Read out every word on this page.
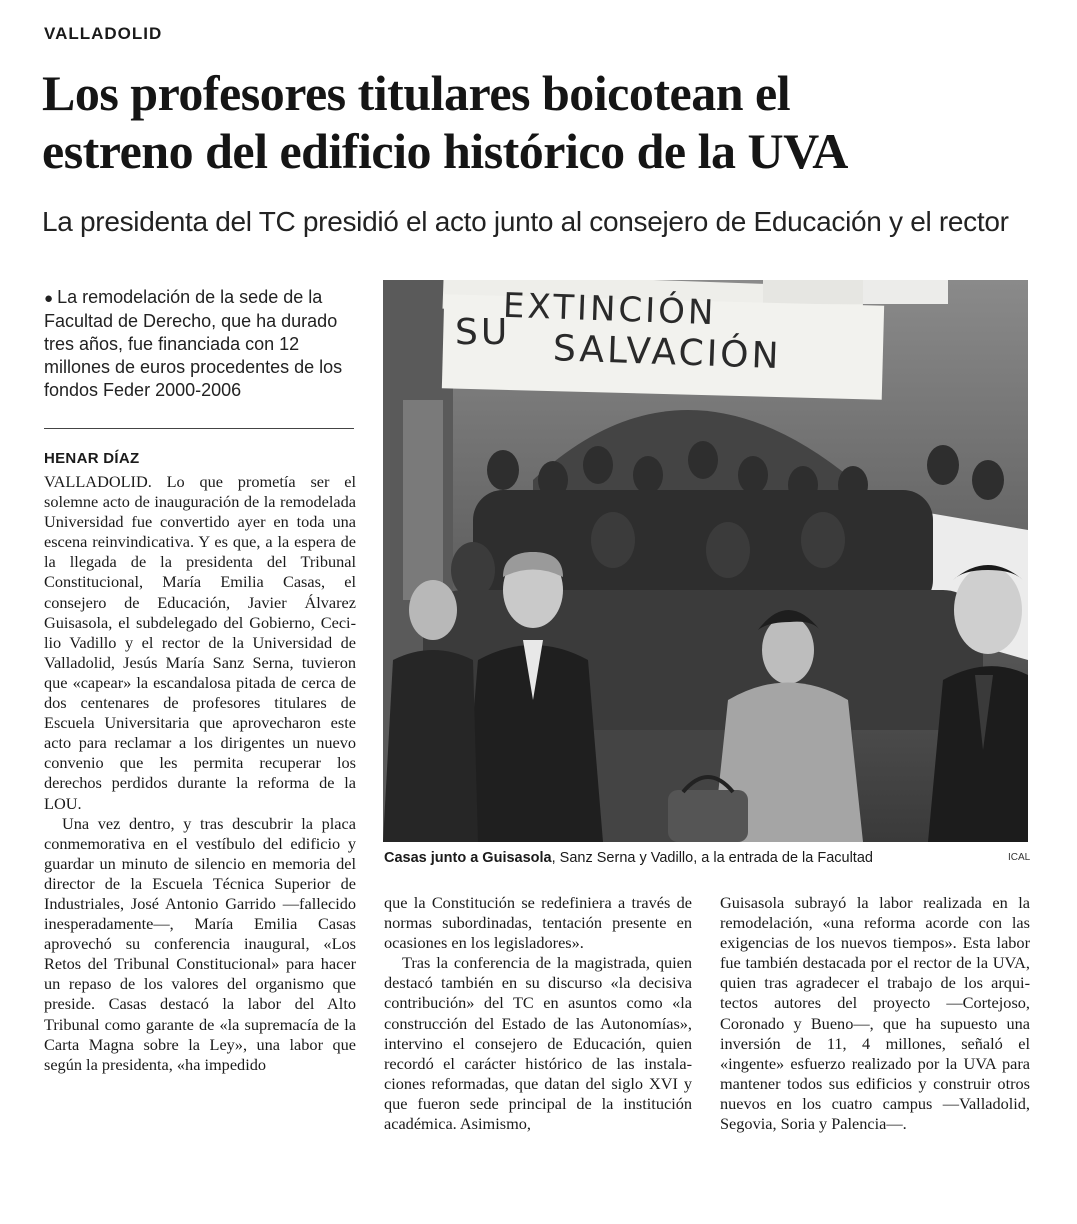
VALLADOLID
Los profesores titulares boicotean el
estreno del edificio histórico de la UVA
La presidenta del TC presidió el acto junto al consejero de Educación y el rector
● La remodelación de la sede de la Facultad de Derecho, que ha durado tres años, fue financiada con 12 millones de euros procedentes de los fondos Feder 2000-2006
HENAR DÍAZ

VALLADOLID. Lo que prometía ser el solemne acto de inauguración de la remodelada Universidad fue convertido ayer en toda una escena reinvindicativa. Y es que, a la espera de la llegada de la presidenta del Tribunal Constitucional, María Emilia Casas, el consejero de Educación, Javier Álvarez Guisasola, el subdelegado del Gobierno, Cecilio Vadillo y el rector de la Universidad de Valladolid, Jesús María Sanz Serna, tuvieron que «capear» la escandalosa pitada de cerca de dos centenares de profesores titulares de Escuela Universitaria que aprovecharon este acto para reclamar a los dirigentes un nuevo convenio que les permita recuperar los derechos perdidos durante la reforma de la LOU.

Una vez dentro, y tras descubrir la placa conmemorativa en el vestíbulo del edificio y guardar un minuto de silencio en memoria del director de la Escuela Técnica Superior de Industriales, José Antonio Garrido —fallecido inesperadamente—, María Emilia Casas aprovechó su conferencia inaugural, «Los Retos del Tribunal Constitucional» para hacer un repaso de los valores del organismo que preside. Casas destacó la labor del Alto Tribunal como garante de «la supremacía de la Carta Magna sobre la Ley», una labor que según la presidenta, «ha impedido

EXTINCIÓN
SU SALVACIÓN
Casas junto a Guisasola, Sanz Serna y Vadillo, a la entrada de la Facultad	ICAL

que la Constitución se redefiniera a través de normas subordinadas, tentación presente en ocasiones en los legisladores».

Tras la conferencia de la magistrada, quien destacó también en su discurso «la decisiva contribución» del TC en asuntos como «la construcción del Estado de las Autonomías», intervino el consejero de Educación, quien recordó el carácter histórico de las instalaciones reformadas, que datan del siglo XVI y que fueron sede principal de la institución académica. Asimismo,

Guisasola subrayó la labor realizada en la remodelación, «una reforma acorde con las exigencias de los nuevos tiempos». Esta labor fue también destacada por el rector de la UVA, quien tras agradecer el trabajo de los arquitectos autores del proyecto —Cortejoso, Coronado y Bueno—, que ha supuesto una inversión de 11, 4 millones, señaló el «ingente» esfuerzo realizado por la UVA para mantener todos sus edificios y construir otros nuevos en los cuatro campus —Valladolid, Segovia, Soria y Palencia—.
